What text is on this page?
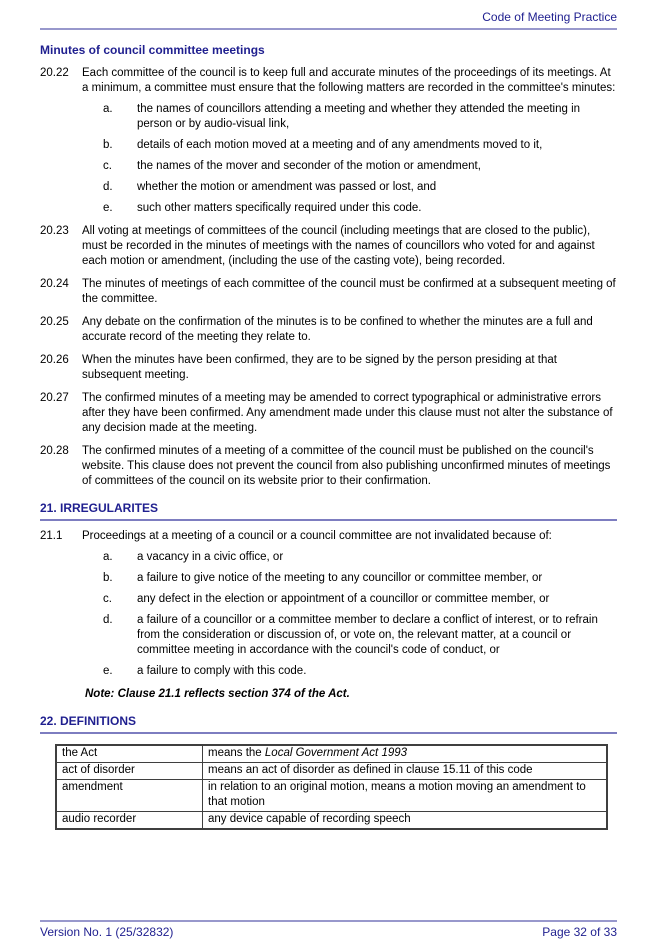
Code of Meeting Practice
Minutes of council committee meetings
20.22	Each committee of the council is to keep full and accurate minutes of the proceedings of its meetings. At a minimum, a committee must ensure that the following matters are recorded in the committee's minutes:
a.	the names of councillors attending a meeting and whether they attended the meeting in person or by audio-visual link,
b.	details of each motion moved at a meeting and of any amendments moved to it,
c.	the names of the mover and seconder of the motion or amendment,
d.	whether the motion or amendment was passed or lost, and
e.	such other matters specifically required under this code.
20.23	All voting at meetings of committees of the council (including meetings that are closed to the public), must be recorded in the minutes of meetings with the names of councillors who voted for and against each motion or amendment, (including the use of the casting vote), being recorded.
20.24	The minutes of meetings of each committee of the council must be confirmed at a subsequent meeting of the committee.
20.25	Any debate on the confirmation of the minutes is to be confined to whether the minutes are a full and accurate record of the meeting they relate to.
20.26	When the minutes have been confirmed, they are to be signed by the person presiding at that subsequent meeting.
20.27	The confirmed minutes of a meeting may be amended to correct typographical or administrative errors after they have been confirmed. Any amendment made under this clause must not alter the substance of any decision made at the meeting.
20.28	The confirmed minutes of a meeting of a committee of the council must be published on the council's website. This clause does not prevent the council from also publishing unconfirmed minutes of meetings of committees of the council on its website prior to their confirmation.
21. IRREGULARITES
21.1	Proceedings at a meeting of a council or a council committee are not invalidated because of:
a.	a vacancy in a civic office, or
b.	a failure to give notice of the meeting to any councillor or committee member, or
c.	any defect in the election or appointment of a councillor or committee member, or
d.	a failure of a councillor or a committee member to declare a conflict of interest, or to refrain from the consideration or discussion of, or vote on, the relevant matter, at a council or committee meeting in accordance with the council's code of conduct, or
e.	a failure to comply with this code.
Note: Clause 21.1 reflects section 374 of the Act.
22. DEFINITIONS
the Act	means the Local Government Act 1993
act of disorder	means an act of disorder as defined in clause 15.11 of this code
amendment	in relation to an original motion, means a motion moving an amendment to that motion
audio recorder	any device capable of recording speech
Version No. 1 (25/32832)	Page 32 of 33
